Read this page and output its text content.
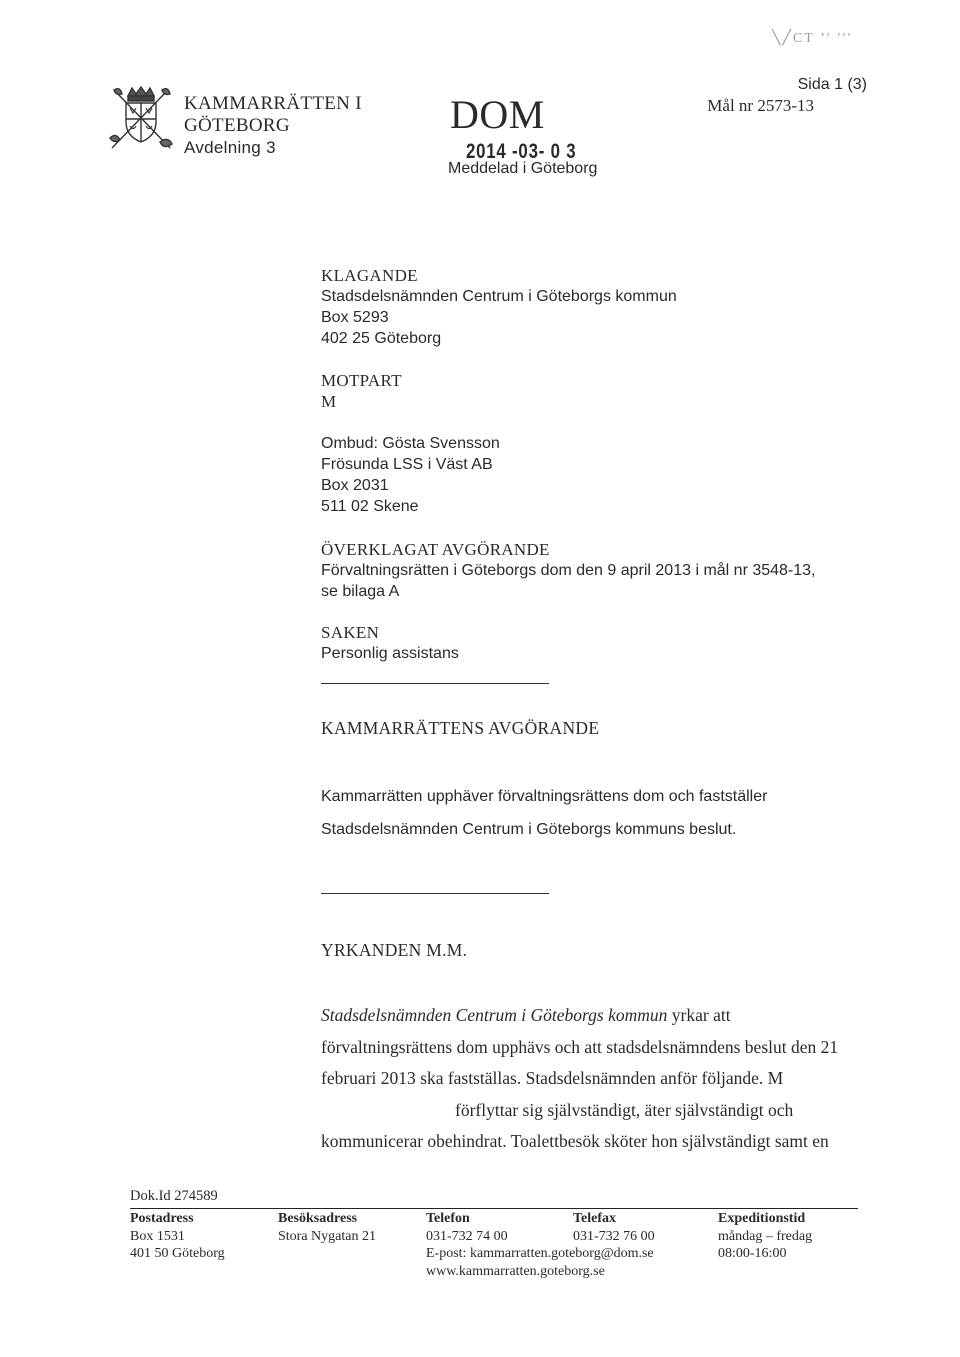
╲╱СТ ʼ′ ′′′
KAMMARRÄTTEN I
GÖTEBORG
Avdelning 3
DOM
2014 -03- 0 3
Meddelad i Göteborg
Sida 1 (3)
Mål nr 2573-13
KLAGANDE
Stadsdelsnämnden Centrum i Göteborgs kommun
Box 5293
402 25 Göteborg
MOTPART
M
Ombud: Gösta Svensson
Frösunda LSS i Väst AB
Box 2031
511 02 Skene
ÖVERKLAGAT AVGÖRANDE
Förvaltningsrätten i Göteborgs dom den 9 april 2013 i mål nr 3548-13,
se bilaga A
SAKEN
Personlig assistans
KAMMARRÄTTENS AVGÖRANDE
Kammarrätten upphäver förvaltningsrättens dom och fastställer
Stadsdelsnämnden Centrum i Göteborgs kommuns beslut.
YRKANDEN M.M.
Stadsdelsnämnden Centrum i Göteborgs kommun yrkar att
förvaltningsrättens dom upphävs och att stadsdelsnämndens beslut den 21
februari 2013 ska fastställas. Stadsdelsnämnden anför följande. M
förflyttar sig självständigt, äter självständigt och
kommunicerar obehindrat. Toalettbesök sköter hon självständigt samt en
Dok.Id 274589
Postadress
Box 1531
401 50 Göteborg
Besöksadress
Stora Nygatan 21
Telefon
031-732 74 00
Telefax
031-732 76 00
E-post: kammarratten.goteborg@dom.se
www.kammarratten.goteborg.se
Expeditionstid
måndag – fredag
08:00-16:00
